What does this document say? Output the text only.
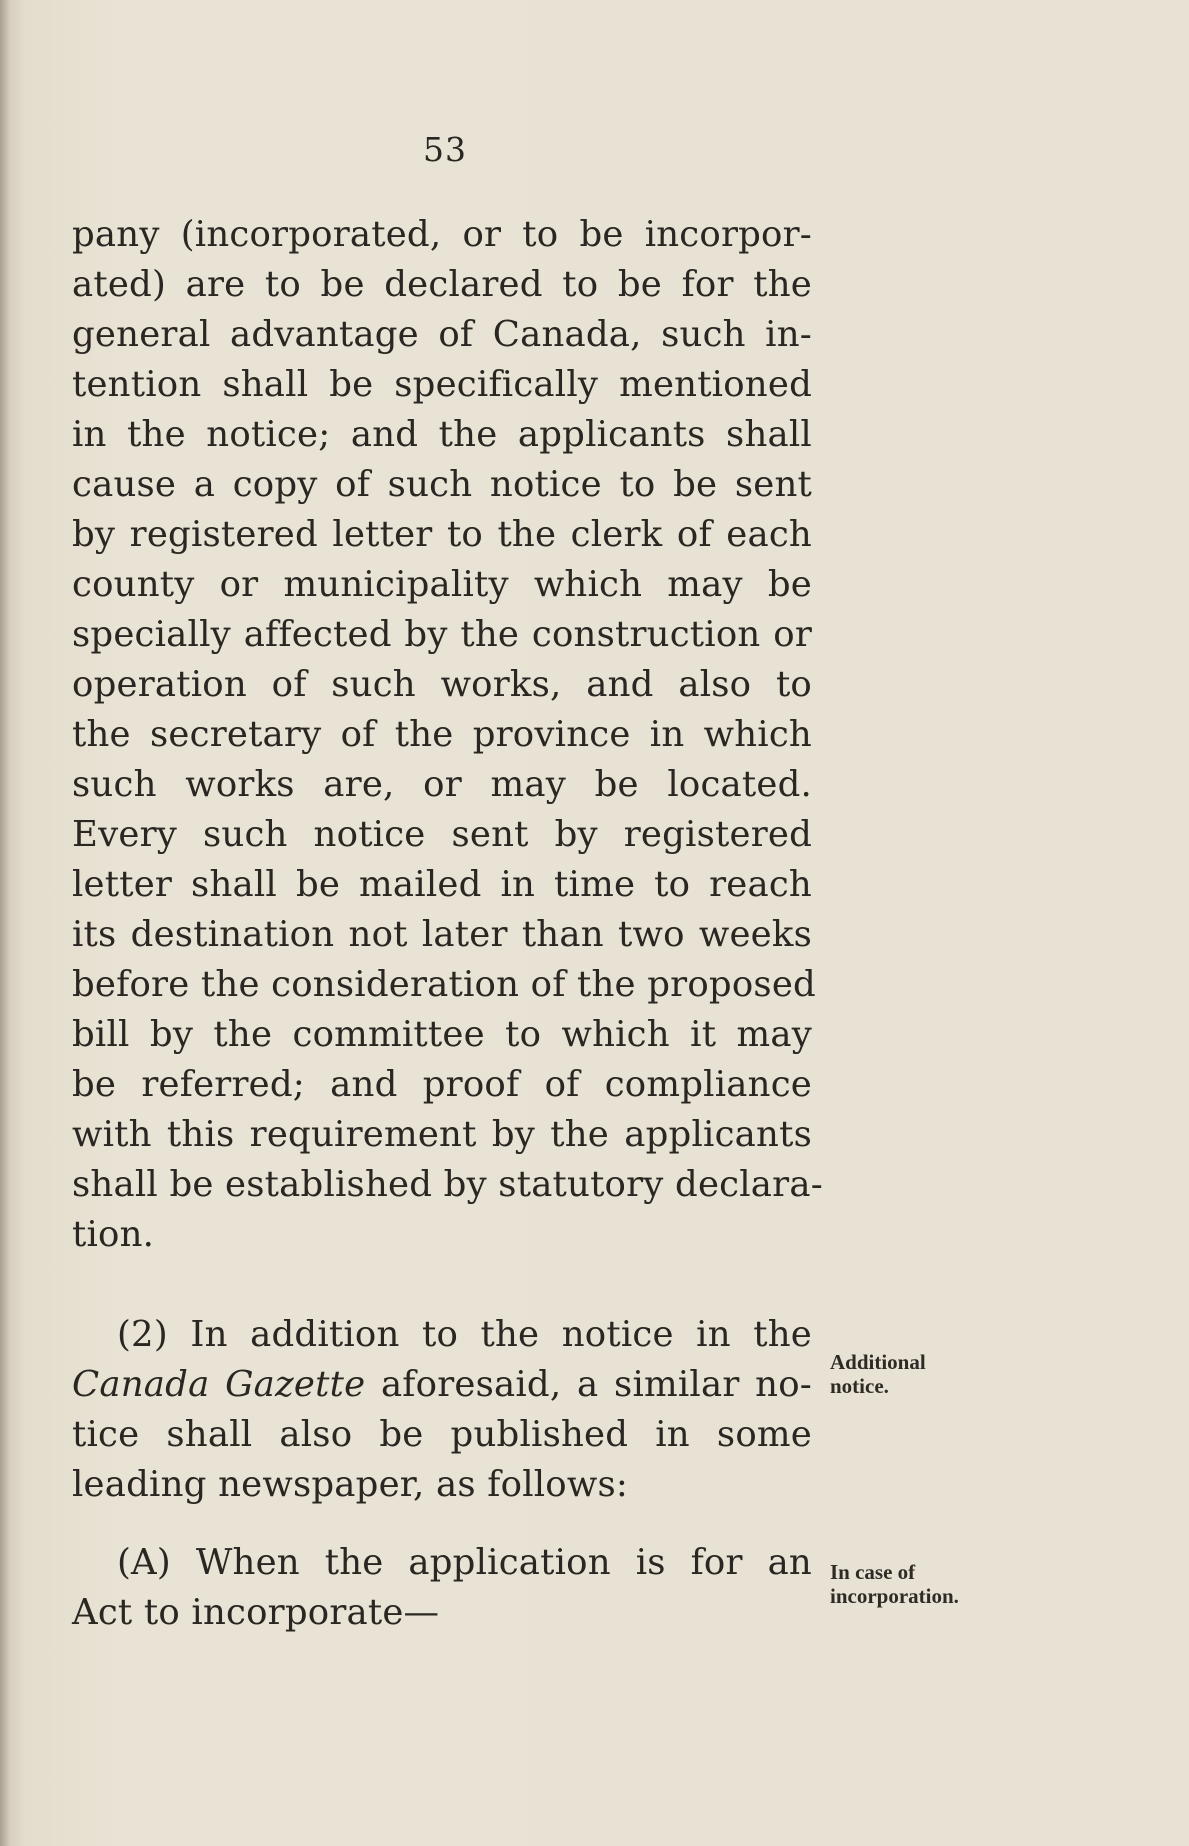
53
pany (incorporated, or to be incorpor-
ated) are to be declared to be for the
general advantage of Canada, such in-
tention shall be specifically mentioned
in the notice; and the applicants shall
cause a copy of such notice to be sent
by registered letter to the clerk of each
county or municipality which may be
specially affected by the construction or
operation of such works, and also to
the secretary of the province in which
such works are, or may be located.
Every such notice sent by registered
letter shall be mailed in time to reach
its destination not later than two weeks
before the consideration of the proposed
bill by the committee to which it may
be referred; and proof of compliance
with this requirement by the applicants
shall be established by statutory declara-
tion.
(2) In addition to the notice in the
Canada Gazette aforesaid, a similar no-
tice shall also be published in some
leading newspaper, as follows:
(A) When the application is for an
Act to incorporate—
Additional
notice.
In case of
incorporation.
